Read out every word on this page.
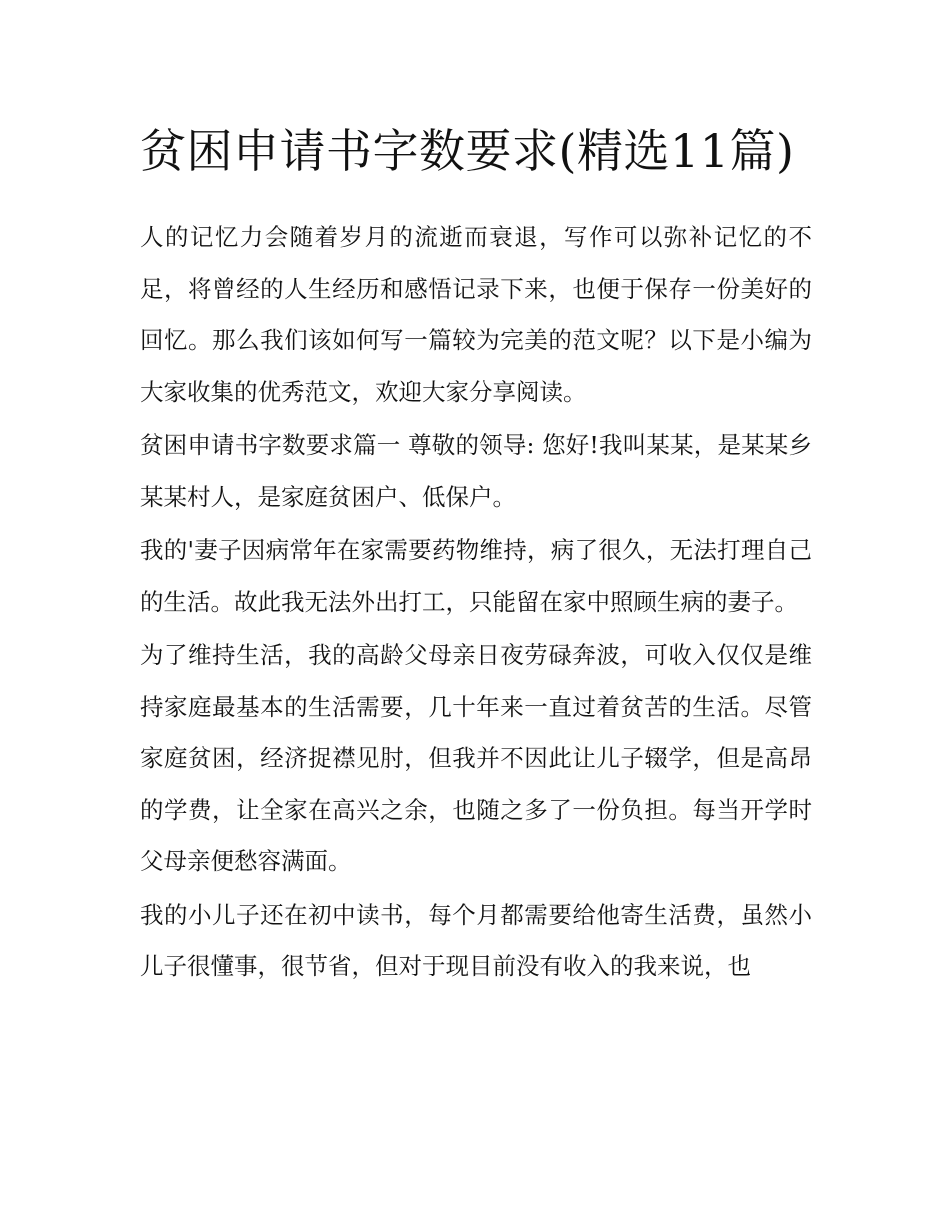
贫困申请书字数要求(精选11篇)

人的记忆力会随着岁月的流逝而衰退，写作可以弥补记忆的不足，将曾经的人生经历和感悟记录下来，也便于保存一份美好的回忆。那么我们该如何写一篇较为完美的范文呢？以下是小编为大家收集的优秀范文，欢迎大家分享阅读。

贫困申请书字数要求篇一 尊敬的领导: 您好!我叫某某，是某某乡某某村人，是家庭贫困户、低保户。

我的'妻子因病常年在家需要药物维持，病了很久，无法打理自己的生活。故此我无法外出打工，只能留在家中照顾生病的妻子。

为了维持生活，我的高龄父母亲日夜劳碌奔波，可收入仅仅是维持家庭最基本的生活需要，几十年来一直过着贫苦的生活。尽管家庭贫困，经济捉襟见肘，但我并不因此让儿子辍学，但是高昂的学费，让全家在高兴之余，也随之多了一份负担。每当开学时父母亲便愁容满面。

我的小儿子还在初中读书，每个月都需要给他寄生活费，虽然小儿子很懂事，很节省，但对于现目前没有收入的我来说，也
